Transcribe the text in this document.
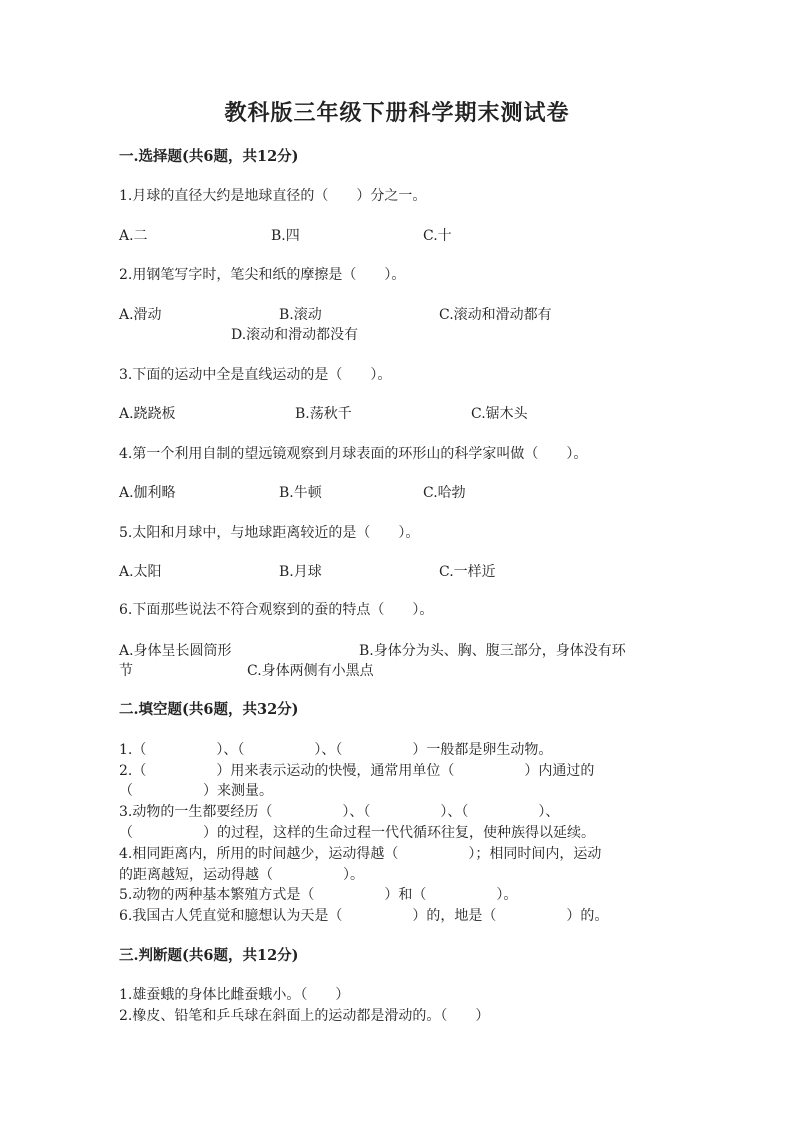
教科版三年级下册科学期末测试卷
一.选择题(共6题，共12分)
1.月球的直径大约是地球直径的（　　）分之一。
A.二	B.四	C.十
2.用钢笔写字时，笔尖和纸的摩擦是（　　）。
A.滑动	B.滚动	C.滚动和滑动都有
D.滚动和滑动都没有
3.下面的运动中全是直线运动的是（　　）。
A.跷跷板	B.荡秋千	C.锯木头
4.第一个利用自制的望远镜观察到月球表面的环形山的科学家叫做（　　）。
A.伽利略	B.牛顿	C.哈勃
5.太阳和月球中，与地球距离较近的是（　　）。
A.太阳	B.月球	C.一样近
6.下面那些说法不符合观察到的蚕的特点（　　）。
A.身体呈长圆筒形	B.身体分为头、胸、腹三部分，身体没有环
节	C.身体两侧有小黑点
二.填空题(共6题，共32分)
1.（　　　　　）、（　　　　　）、（　　　　　）一般都是卵生动物。
2.（　　　　　）用来表示运动的快慢，通常用单位（　　　　　）内通过的
（　　　　　）来测量。
3.动物的一生都要经历（　　　　　）、（　　　　　）、（　　　　　）、
（　　　　　）的过程，这样的生命过程一代代循环往复，使种族得以延续。
4.相同距离内，所用的时间越少，运动得越（　　　　　）；相同时间内，运动
的距离越短，运动得越（　　　　　）。
5.动物的两种基本繁殖方式是（　　　　　）和（　　　　　）。
6.我国古人凭直觉和臆想认为天是（　　　　　）的，地是（　　　　　）的。
三.判断题(共6题，共12分)
1.雄蚕蛾的身体比雌蚕蛾小。（　　）
2.橡皮、铅笔和乒乓球在斜面上的运动都是滑动的。（　　）
